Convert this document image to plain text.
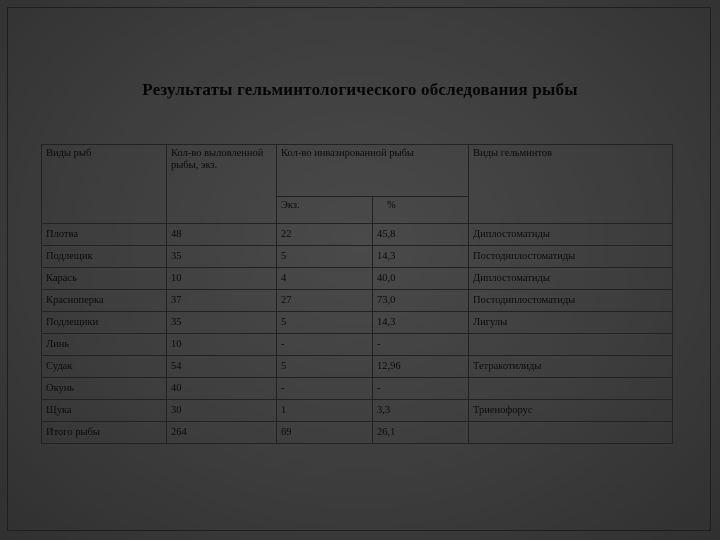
Результаты гельминтологического обследования рыбы
Виды рыб	Кол-во выловленной рыбы, экз.	Кол-во инвазированной рыбы		Виды гельминтов
		Экз.	%	
Плотва	48	22	45,8	Диплостоматиды
Подлещик	35	5	14,3	Постодиплостоматиды
Карась	10	4	40,0	Диплостоматиды
Красноперка	37	27	73,0	Постодиплостоматиды
Подлещики	35	5	14,3	Лигулы
Линь	10	-	-	
Судак	54	5	12,96	Тетракотилиды
Окунь	40	-	-	
Щука	30	1	3,3	Триенофорус
Итого рыбы	264	69	26,1	
